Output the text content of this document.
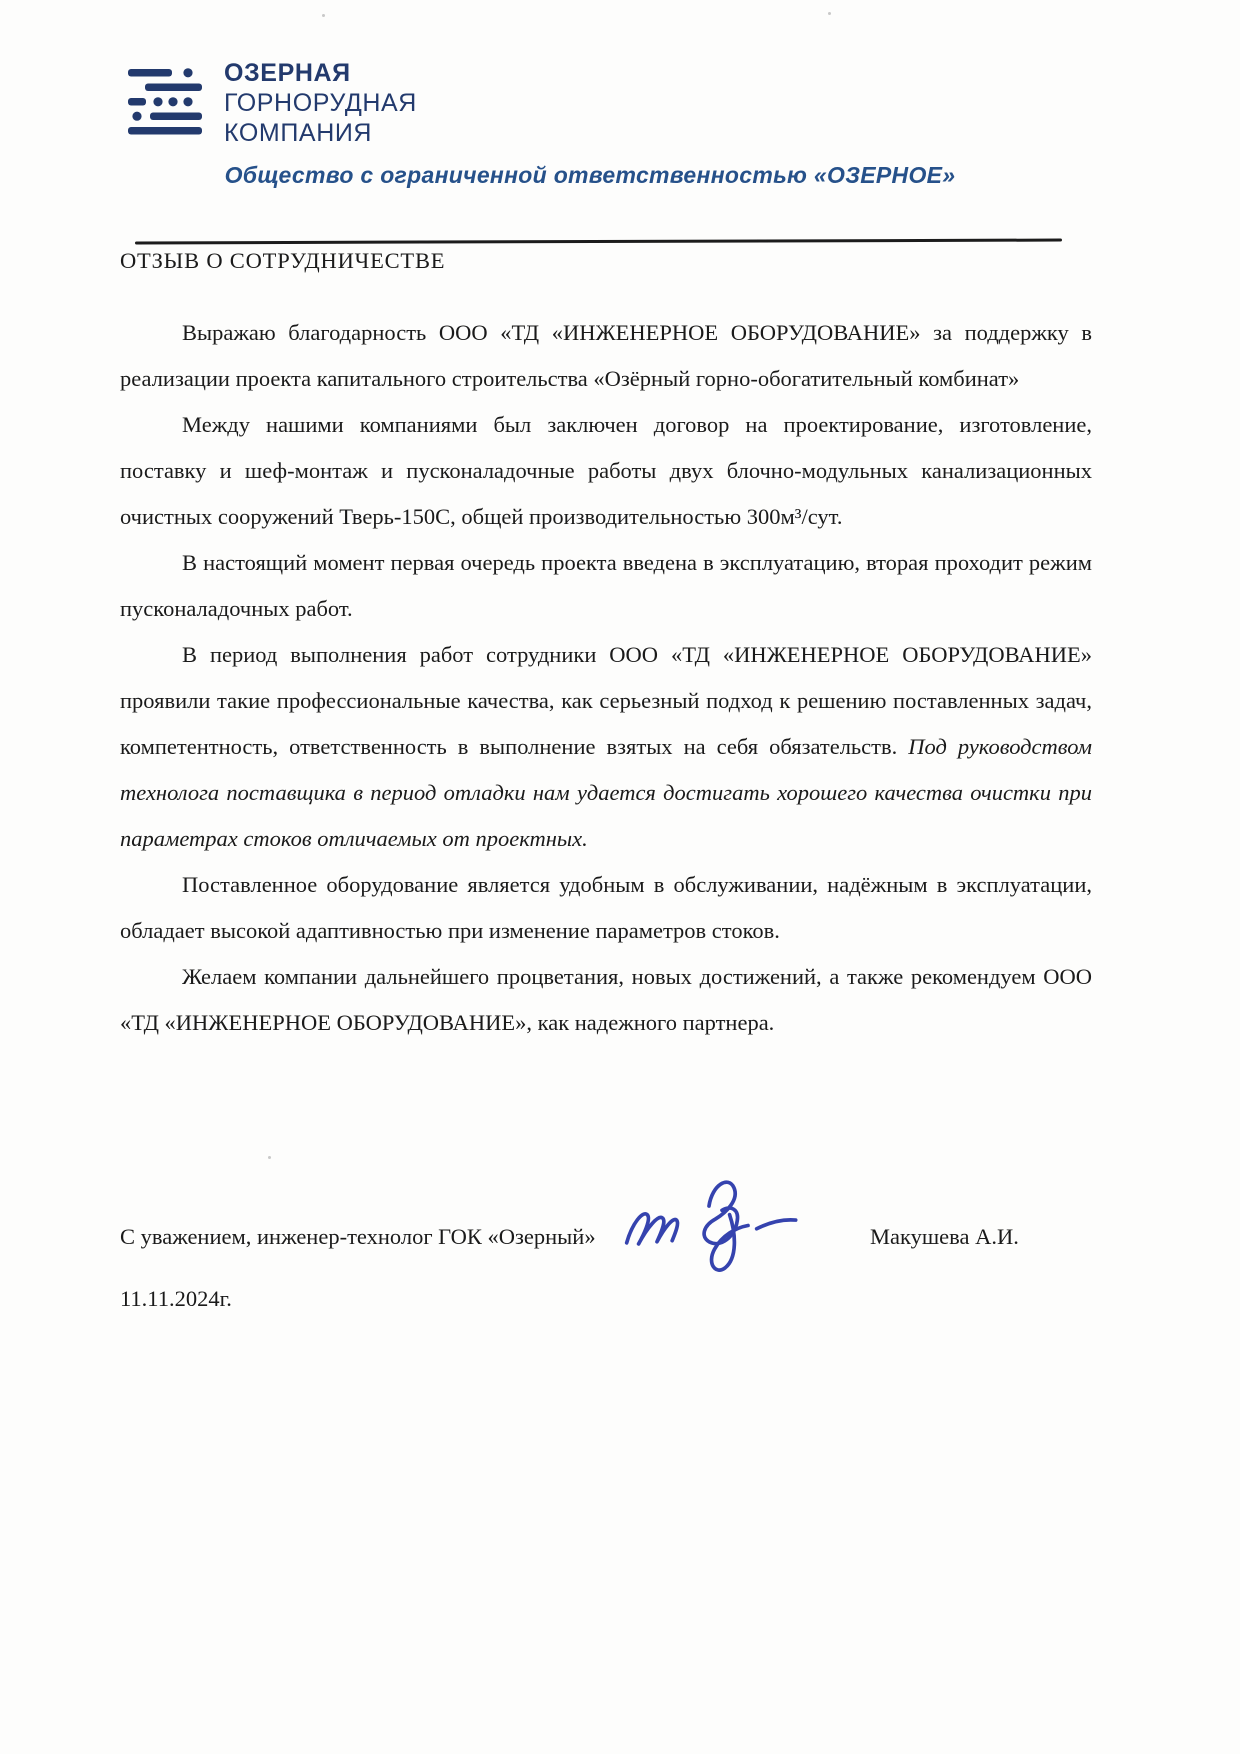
ОЗЕРНАЯ
ГОРНОРУДНАЯ
КОМПАНИЯ
Общество с ограниченной ответственностью «ОЗЕРНОЕ»
ОТЗЫВ О СОТРУДНИЧЕСТВЕ

Выражаю благодарность ООО «ТД «ИНЖЕНЕРНОЕ ОБОРУДОВАНИЕ» за поддержку в реализации проекта капитального строительства «Озёрный горно-обогатительный комбинат»

Между нашими компаниями был заключен договор на проектирование, изготовление, поставку и шеф-монтаж и пусконаладочные работы двух блочно-модульных канализационных очистных сооружений Тверь-150С, общей производительностью 300м³/сут.

В настоящий момент первая очередь проекта введена в эксплуатацию, вторая проходит режим пусконаладочных работ.

В период выполнения работ сотрудники ООО «ТД «ИНЖЕНЕРНОЕ ОБОРУДОВАНИЕ» проявили такие профессиональные качества, как серьезный подход к решению поставленных задач, компетентность, ответственность в выполнение взятых на себя обязательств. Под руководством технолога поставщика в период отладки нам удается достигать хорошего качества очистки при параметрах стоков отличаемых от проектных.

Поставленное оборудование является удобным в обслуживании, надёжным в эксплуатации, обладает высокой адаптивностью при изменение параметров стоков.

Желаем компании дальнейшего процветания, новых достижений, а также рекомендуем ООО «ТД «ИНЖЕНЕРНОЕ ОБОРУДОВАНИЕ», как надежного партнера.

С уважением, инженер-технолог ГОК «Озерный»	Макушева А.И.
11.11.2024г.
